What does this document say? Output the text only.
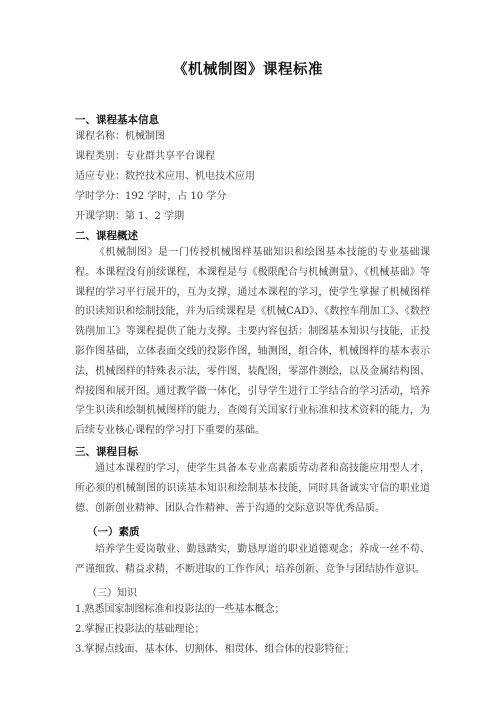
《机械制图》课程标准
一、课程基本信息
课程名称：机械制图
课程类别：专业群共享平台课程
适应专业：数控技术应用、机电技术应用
学时学分：192 学时，占 10 学分
开课学期：第 1、2 学期
二、课程概述
《机械制图》是一门传授机械图样基础知识和绘图基本技能的专业基础课程。本课程没有前续课程，本课程是与《极限配合与机械测量》、《机械基础》等课程的学习平行展开的，互为支撑，通过本课程的学习，使学生掌握了机械图样的识读知识和绘制技能，并为后续课程是《机械CAD》、《数控车削加工》、《数控铣削加工》等课程提供了能力支撑。主要内容包括：制图基本知识与技能，正投影作图基础，立体表面交线的投影作图，轴测图，组合体，机械图样的基本表示法，机械图样的特殊表示法，零件图，装配图，零部件测绘，以及金属结构图、焊接图和展开图。通过教学做一体化，引导学生进行工学结合的学习活动，培养学生识读和绘制机械图样的能力，查阅有关国家行业标准和技术资料的能力，为后续专业核心课程的学习打下重要的基础。
三、课程目标
通过本课程的学习，使学生具备本专业高素质劳动者和高技能应用型人才，所必须的机械制图的识读基本知识和绘制基本技能，同时具备诚实守信的职业道德、创新创业精神、团队合作精神、善于沟通的交际意识等优秀品质。
（一）素质
培养学生爱岗敬业、勤恳踏实，勤恳厚道的职业道德观念；养成一丝不苟、严谨细致、精益求精，不断进取的工作作风；培养创新、竞争与团结协作意识。
（三）知识
1.熟悉国家制图标准和投影法的一些基本概念；
2.掌握正投影法的基础理论；
3.掌握点线面、基本体、切割体、相贯体、组合体的投影特征；
